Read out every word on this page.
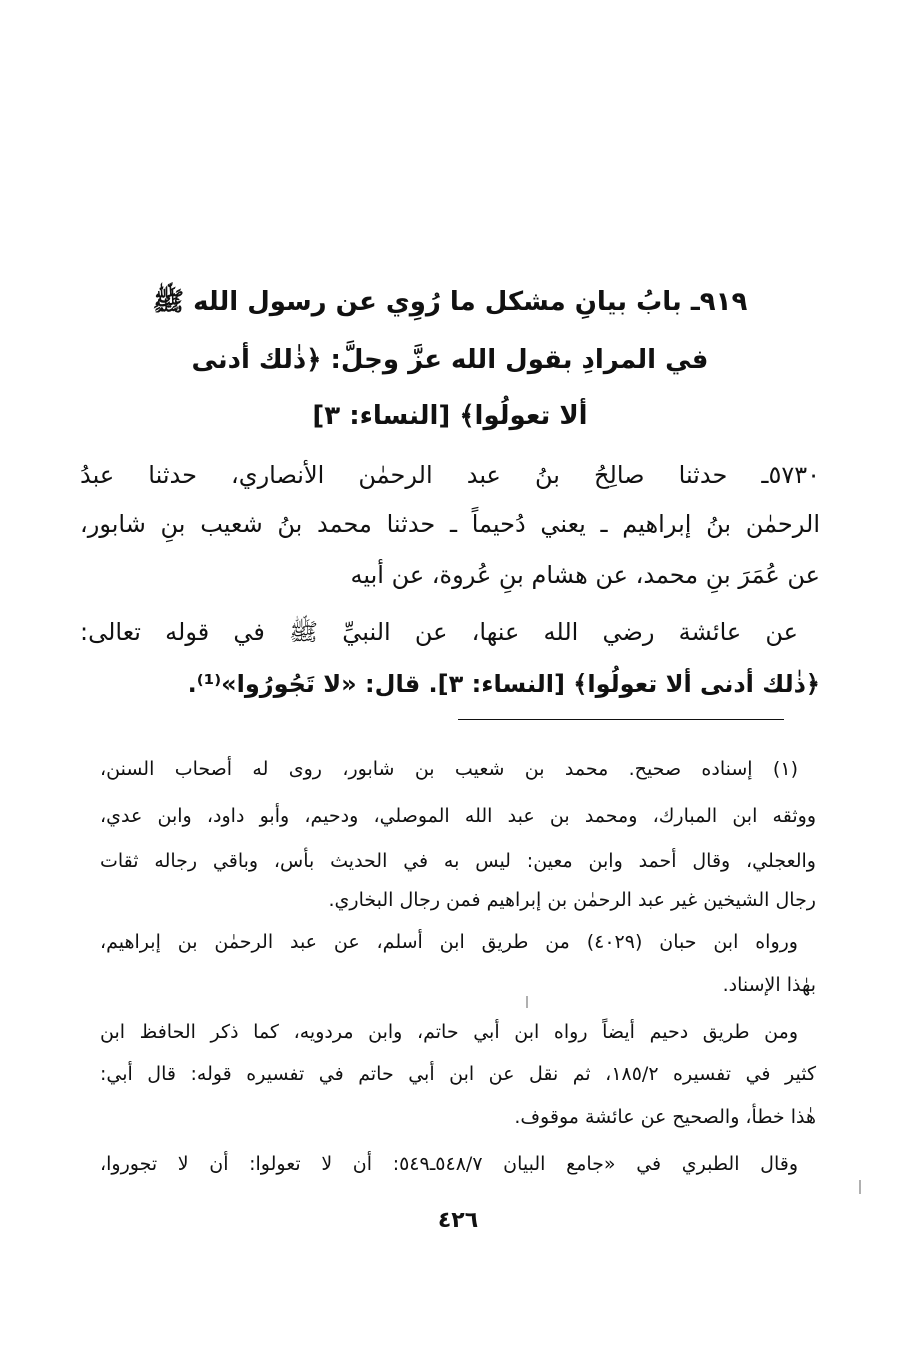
٩١٩ـ بابُ بيانِ مشكل ما رُوِي عن رسول الله ﷺ
في المرادِ بقول الله عزَّ وجلَّ: ﴿ذٰلك أدنى
ألا تعولُوا﴾ [النساء: ٣]
٥٧٣٠ـ حدثنا صالِحُ بنُ عبد الرحمٰن الأنصاري، حدثنا عبدُ
الرحمٰن بنُ إبراهيم ـ يعني دُحيماً ـ حدثنا محمد بنُ شعيب بنِ شابور،
عن عُمَرَ بنِ محمد، عن هشام بنِ عُروة، عن أبيه
عن عائشة رضي الله عنها، عن النبيِّ ﷺ في قوله تعالى:
﴿ذٰلك أدنى ألا تعولُوا﴾ [النساء: ٣]. قال: «لا تَجُورُوا»⁽¹⁾.
(١) إسناده صحيح. محمد بن شعيب بن شابور، روى له أصحاب السنن،
ووثقه ابن المبارك، ومحمد بن عبد الله الموصلي، ودحيم، وأبو داود، وابن عدي،
والعجلي، وقال أحمد وابن معين: ليس به في الحديث بأس، وباقي رجاله ثقات
رجال الشيخين غير عبد الرحمٰن بن إبراهيم فمن رجال البخاري.
ورواه ابن حبان (٤٠٢٩) من طريق ابن أسلم، عن عبد الرحمٰن بن إبراهيم،
بهٰذا الإسناد.
ومن طريق دحيم أيضاً رواه ابن أبي حاتم، وابن مردويه، كما ذكر الحافظ ابن
كثير في تفسيره ١٨٥/٢، ثم نقل عن ابن أبي حاتم في تفسيره قوله: قال أبي:
هٰذا خطأ، والصحيح عن عائشة موقوف.
وقال الطبري في «جامع البيان ٥٤٨/٧ـ٥٤٩: أن لا تعولوا: أن لا تجوروا،
٤٢٦
